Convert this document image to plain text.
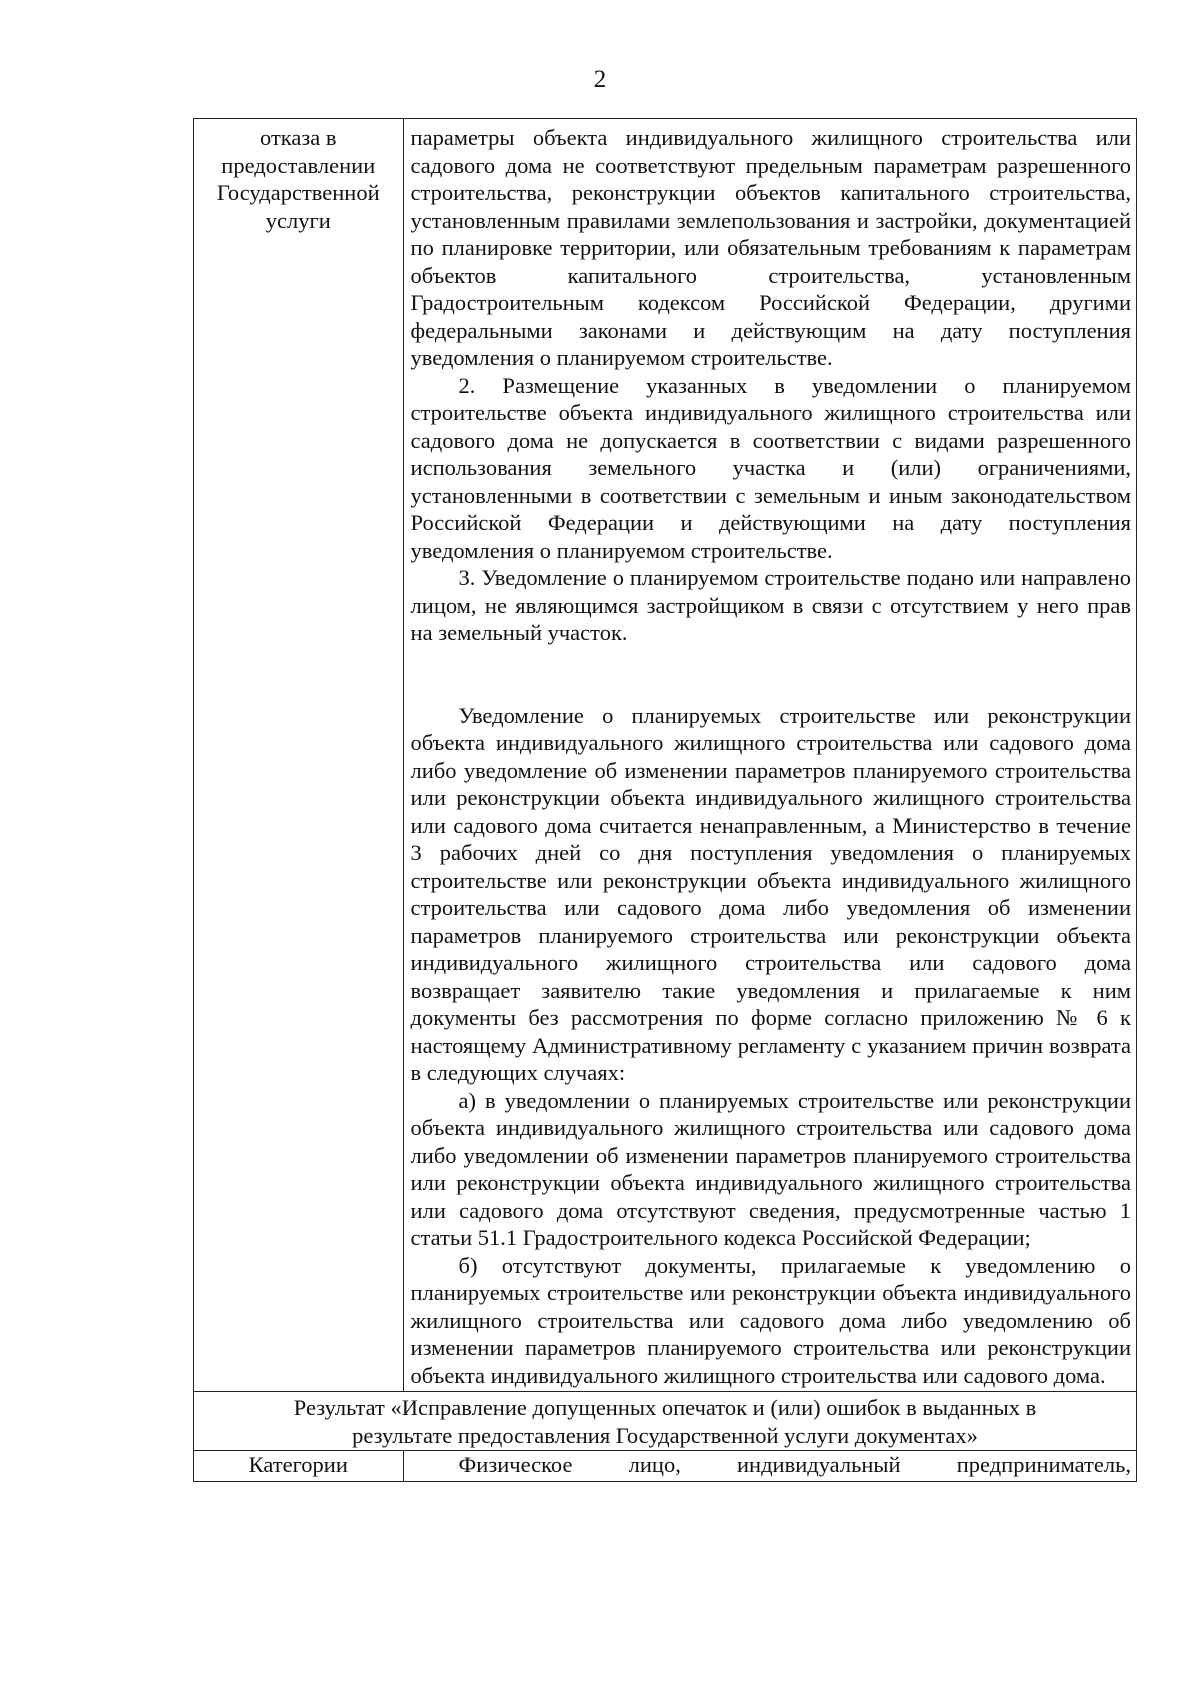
2
отказа в
предоставлении
Государственной
услуги

параметры объекта индивидуального жилищного строительства или садового дома не соответствуют предельным параметрам разрешенного строительства, реконструкции объектов капитального строительства, установленным правилами землепользования и застройки, документацией по планировке территории, или обязательным требованиям к параметрам объектов капитального строительства, установленным Градостроительным кодексом Российской Федерации, другими федеральными законами и действующим на дату поступления уведомления о планируемом строительстве.

2. Размещение указанных в уведомлении о планируемом строительстве объекта индивидуального жилищного строительства или садового дома не допускается в соответствии с видами разрешенного использования земельного участка и (или) ограничениями, установленными в соответствии с земельным и иным законодательством Российской Федерации и действующими на дату поступления уведомления о планируемом строительстве.

3. Уведомление о планируемом строительстве подано или направлено лицом, не являющимся застройщиком в связи с отсутствием у него прав на земельный участок.

Уведомление о планируемых строительстве или реконструкции объекта индивидуального жилищного строительства или садового дома либо уведомление об изменении параметров планируемого строительства или реконструкции объекта индивидуального жилищного строительства или садового дома считается ненаправленным, а Министерство в течение 3 рабочих дней со дня поступления уведомления о планируемых строительстве или реконструкции объекта индивидуального жилищного строительства или садового дома либо уведомления об изменении параметров планируемого строительства или реконструкции объекта индивидуального жилищного строительства или садового дома возвращает заявителю такие уведомления и прилагаемые к ним документы без рассмотрения по форме согласно приложению № 6 к настоящему Административному регламенту с указанием причин возврата в следующих случаях:

а) в уведомлении о планируемых строительстве или реконструкции объекта индивидуального жилищного строительства или садового дома либо уведомлении об изменении параметров планируемого строительства или реконструкции объекта индивидуального жилищного строительства или садового дома отсутствуют сведения, предусмотренные частью 1 статьи 51.1 Градостроительного кодекса Российской Федерации;

б) отсутствуют документы, прилагаемые к уведомлению о планируемых строительстве или реконструкции объекта индивидуального жилищного строительства или садового дома либо уведомлению об изменении параметров планируемого строительства или реконструкции объекта индивидуального жилищного строительства или садового дома.

Результат «Исправление допущенных опечаток и (или) ошибок в выданных в
результате предоставления Государственной услуги документах»
Категории	Физическое лицо, индивидуальный предприниматель,
